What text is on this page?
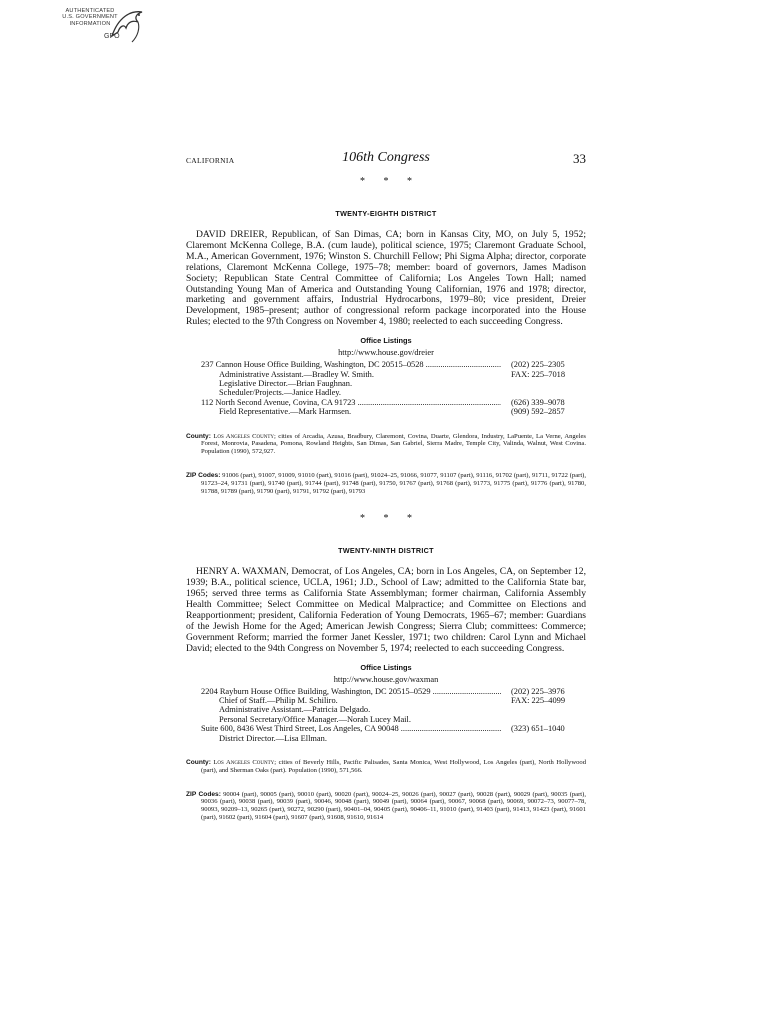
AUTHENTICATED
U.S. GOVERNMENT
INFORMATION
GPO
CALIFORNIA	106th Congress	33
* * *
TWENTY-EIGHTH DISTRICT

DAVID DREIER, Republican, of San Dimas, CA; born in Kansas City, MO, on July 5, 1952; Claremont McKenna College, B.A. (cum laude), political science, 1975; Claremont Graduate School, M.A., American Government, 1976; Winston S. Churchill Fellow; Phi Sigma Alpha; director, corporate relations, Claremont McKenna College, 1975–78; member: board of governors, James Madison Society; Republican State Central Committee of California; Los Angeles Town Hall; named Outstanding Young Man of America and Outstanding Young Californian, 1976 and 1978; director, marketing and government affairs, Industrial Hydrocarbons, 1979–80; vice president, Dreier Development, 1985–present; author of congressional reform package incorporated into the House Rules; elected to the 97th Congress on November 4, 1980; reelected to each succeeding Congress.

Office Listings
http://www.house.gov/dreier
237 Cannon House Office Building, Washington, DC 20515–0528 .....	(202) 225–2305
Administrative Assistant.—Bradley W. Smith.	FAX: 225–7018
Legislative Director.—Brian Faughnan.
Scheduler/Projects.—Janice Hadley.
112 North Second Avenue, Covina, CA 91723 .....	(626) 339–9078
Field Representative.—Mark Harmsen.	(909) 592–2857

County: Los Angeles County; cities of Arcadia, Azusa, Bradbury, Claremont, Covina, Duarte, Glendora, Industry, LaPuente, La Verne, Angeles Forest, Monrovia, Pasadena, Pomona, Rowland Heights, San Dimas, San Gabriel, Sierra Madre, Temple City, Valinda, Walnut, West Covina. Population (1990), 572,927.

ZIP Codes: 91006 (part), 91007, 91009, 91010 (part), 91016 (part), 91024–25, 91066, 91077, 91107 (part), 91116, 91702 (part), 91711, 91722 (part), 91723–24, 91731 (part), 91740 (part), 91744 (part), 91748 (part), 91750, 91767 (part), 91768 (part), 91773, 91775 (part), 91776 (part), 91780, 91788, 91789 (part), 91790 (part), 91791, 91792 (part), 91793

* * *
TWENTY-NINTH DISTRICT

HENRY A. WAXMAN, Democrat, of Los Angeles, CA; born in Los Angeles, CA, on September 12, 1939; B.A., political science, UCLA, 1961; J.D., School of Law; admitted to the California State bar, 1965; served three terms as California State Assemblyman; former chairman, California Assembly Health Committee; Select Committee on Medical Malpractice; and Committee on Elections and Reapportionment; president, California Federation of Young Democrats, 1965–67; member: Guardians of the Jewish Home for the Aged; American Jewish Congress; Sierra Club; committees: Commerce; Government Reform; married the former Janet Kessler, 1971; two children: Carol Lynn and Michael David; elected to the 94th Congress on November 5, 1974; reelected to each succeeding Congress.

Office Listings
http://www.house.gov/waxman
2204 Rayburn House Office Building, Washington, DC 20515–0529 .....	(202) 225–3976
Chief of Staff.—Philip M. Schiliro.	FAX: 225–4099
Administrative Assistant.—Patricia Delgado.
Personal Secretary/Office Manager.—Norah Lucey Mail.
Suite 600, 8436 West Third Street, Los Angeles, CA 90048 .....	(323) 651–1040
District Director.—Lisa Ellman.

County: Los Angeles County; cities of Beverly Hills, Pacific Palisades, Santa Monica, West Hollywood, Los Angeles (part), North Hollywood (part), and Sherman Oaks (part). Population (1990), 571,566.

ZIP Codes: 90004 (part), 90005 (part), 90010 (part), 90020 (part), 90024–25, 90026 (part), 90027 (part), 90028 (part), 90029 (part), 90035 (part), 90036 (part), 90038 (part), 90039 (part), 90046, 90048 (part), 90049 (part), 90064 (part), 90067, 90068 (part), 90069, 90072–73, 90077–78, 90093, 90209–13, 90265 (part), 90272, 90290 (part), 90401–04, 90405 (part), 90406–11, 91010 (part), 91403 (part), 91413, 91423 (part), 91601 (part), 91602 (part), 91604 (part), 91607 (part), 91608, 91610, 91614
